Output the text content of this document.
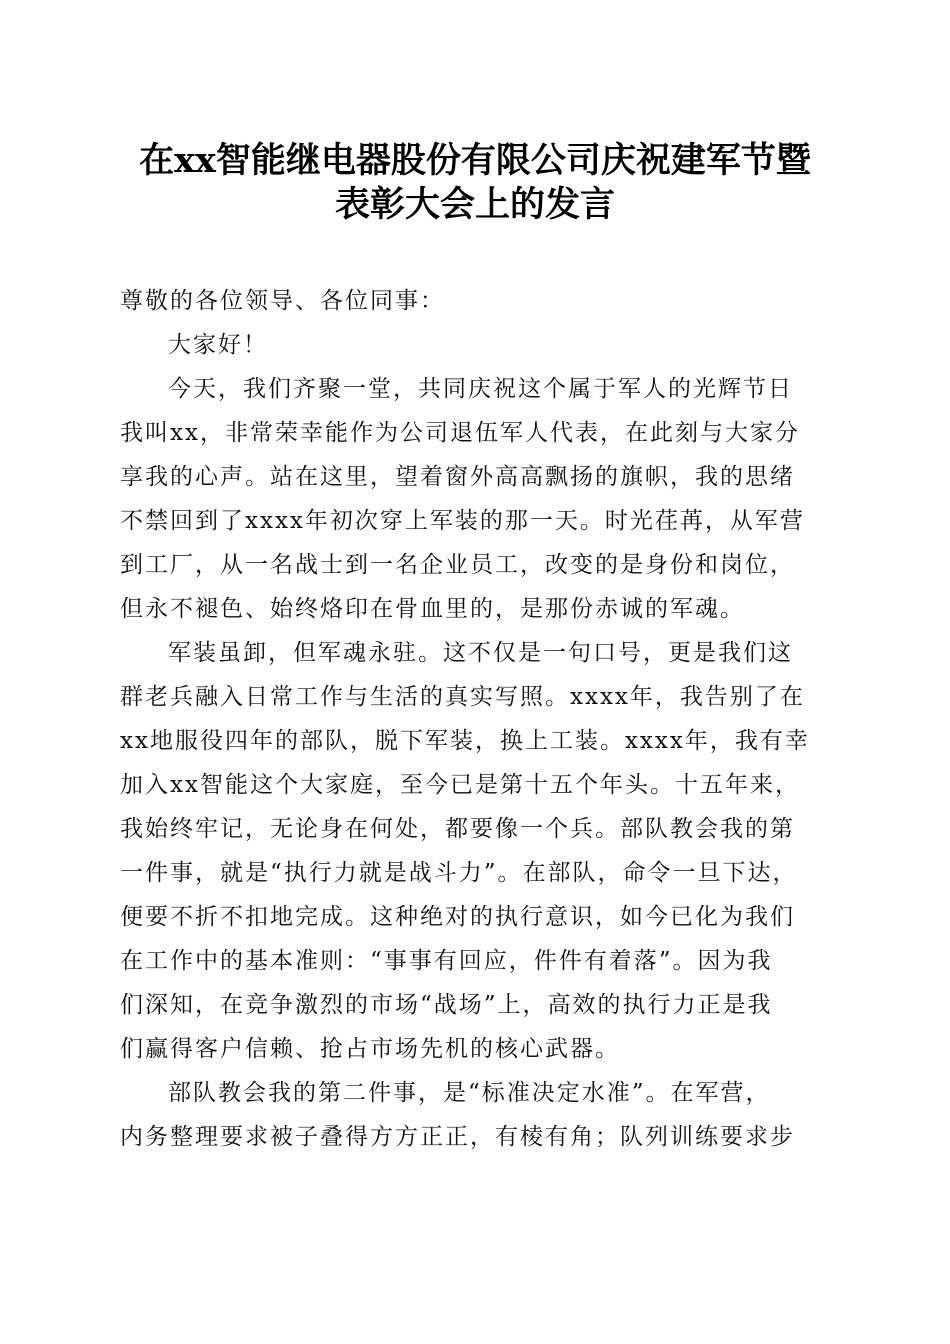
在xx智能继电器股份有限公司庆祝建军节暨
表彰大会上的发言

尊敬的各位领导、各位同事：

大家好！

今天，我们齐聚一堂，共同庆祝这个属于军人的光辉节日

我叫xx，非常荣幸能作为公司退伍军人代表，在此刻与大家分

享我的心声。站在这里，望着窗外高高飘扬的旗帜，我的思绪

不禁回到了xxxx年初次穿上军装的那一天。时光荏苒，从军营

到工厂，从一名战士到一名企业员工，改变的是身份和岗位，

但永不褪色、始终烙印在骨血里的，是那份赤诚的军魂。

军装虽卸，但军魂永驻。这不仅是一句口号，更是我们这

群老兵融入日常工作与生活的真实写照。xxxx年，我告别了在

xx地服役四年的部队，脱下军装，换上工装。xxxx年，我有幸

加入xx智能这个大家庭，至今已是第十五个年头。十五年来，

我始终牢记，无论身在何处，都要像一个兵。部队教会我的第

一件事，就是“执行力就是战斗力”。在部队，命令一旦下达，

便要不折不扣地完成。这种绝对的执行意识，如今已化为我们

在工作中的基本准则：“事事有回应，件件有着落”。因为我

们深知，在竞争激烈的市场“战场”上，高效的执行力正是我

们赢得客户信赖、抢占市场先机的核心武器。

部队教会我的第二件事，是“标准决定水准”。在军营，

内务整理要求被子叠得方方正正，有棱有角；队列训练要求步
